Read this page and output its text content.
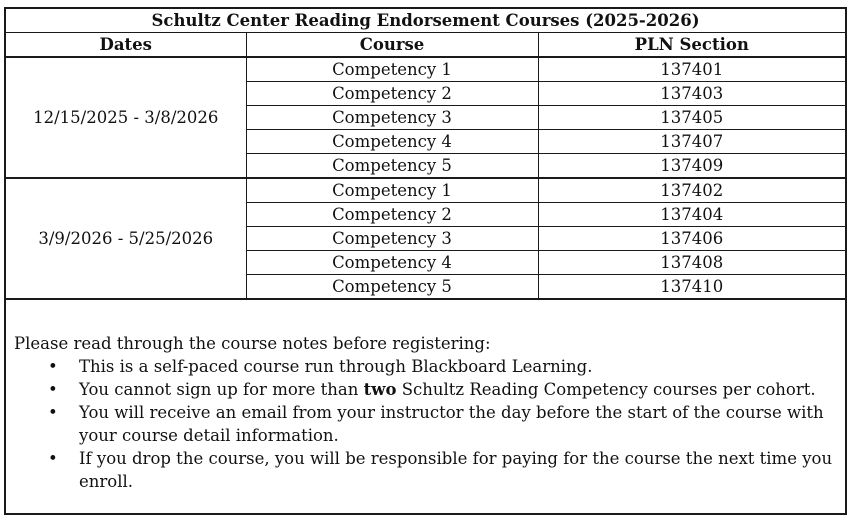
Schultz Center Reading Endorsement Courses (2025-2026)		
Dates	Course	PLN Section
12/15/2025 - 3/8/2026	Competency 1	137401
	Competency 2	137403
	Competency 3	137405
	Competency 4	137407
	Competency 5	137409
3/9/2026 - 5/25/2026	Competency 1	137402
	Competency 2	137404
	Competency 3	137406
	Competency 4	137408
	Competency 5	137410
Please read through the course notes before registering:
• This is a self-paced course run through Blackboard Learning.
• You cannot sign up for more than two Schultz Reading Competency courses per cohort.
• You will receive an email from your instructor the day before the start of the course with your course detail information.
• If you drop the course, you will be responsible for paying for the course the next time you enroll.
